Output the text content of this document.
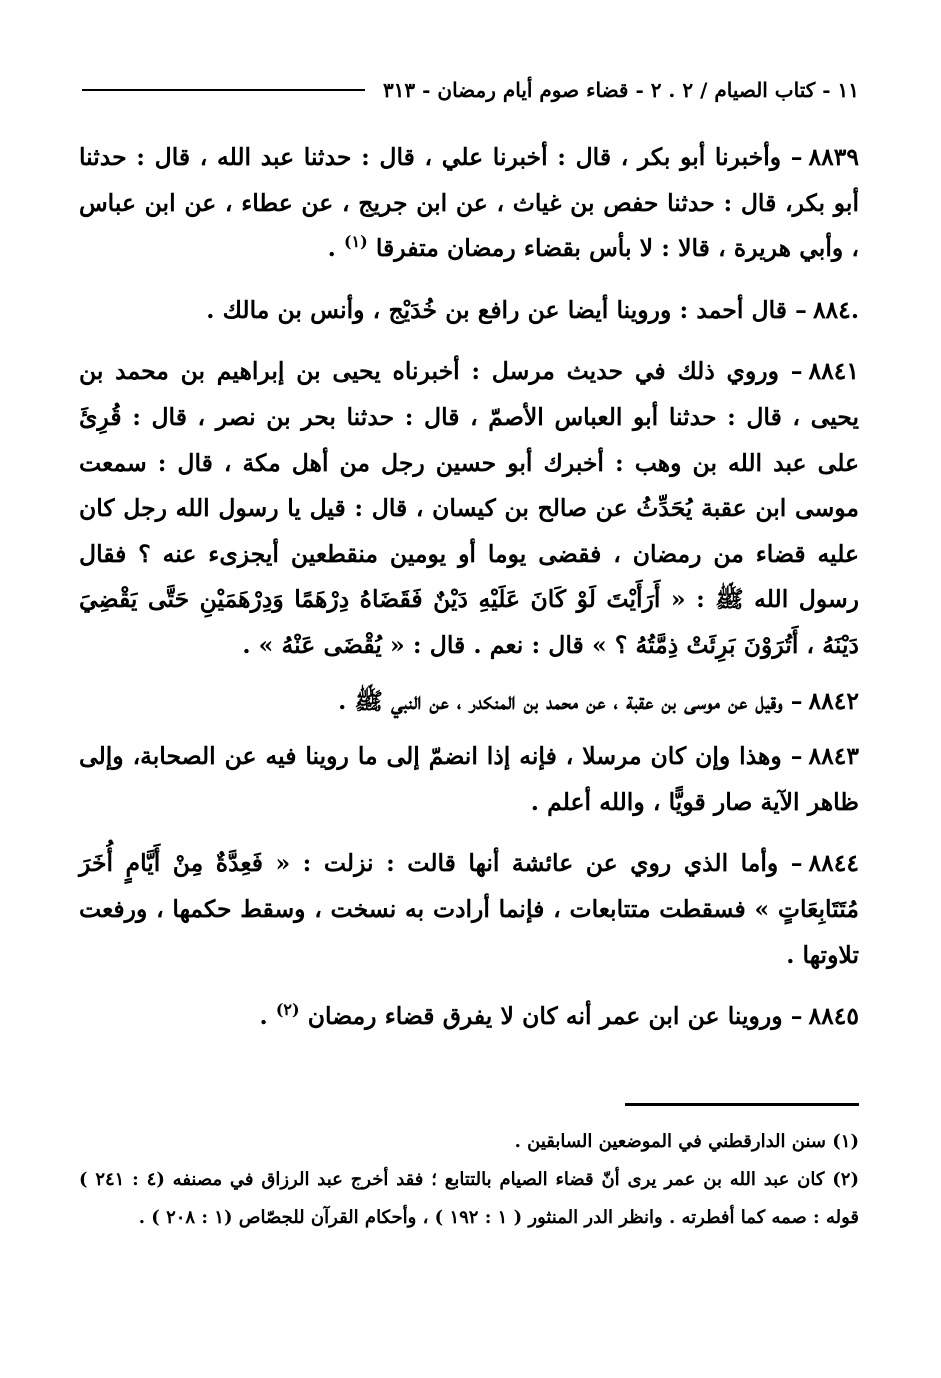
١١ - كتاب الصيام / ٢ . ٢ - قضاء صوم أيام رمضان - ٣١٣

٨٨٣٩– وأخبرنا أبو بكر ، قال : أخبرنا علي ، قال : حدثنا عبد الله ، قال : حدثنا أبو بكر، قال : حدثنا حفص بن غياث ، عن ابن جريج ، عن عطاء ، عن ابن عباس ، وأبي هريرة ، قالا : لا بأس بقضاء رمضان متفرقا $^{(١)}$ .

.٨٨٤– قال أحمد : وروينا أيضا عن رافع بن خُدَيْج ، وأنس بن مالك .

٨٨٤١– وروي ذلك في حديث مرسل : أخبرناه يحيى بن إبراهيم بن محمد بن يحيى ، قال : حدثنا أبو العباس الأصمّ ، قال : حدثنا بحر بن نصر ، قال : قُرِئَ على عبد الله بن وهب : أخبرك أبو حسين رجل من أهل مكة ، قال : سمعت موسى ابن عقبة يُحَدِّثُ عن صالح بن كيسان ، قال : قيل يا رسول الله رجل كان عليه قضاء من رمضان ، فقضى يوما أو يومين منقطعين أيجزىء عنه ؟ فقال رسول الله ﷺ : « أَرَأَيْتَ لَوْ كَانَ عَلَيْهِ دَيْنٌ فَقَضَاهُ دِرْهَمًا وَدِرْهَمَيْنِ حَتَّى يَقْضِيَ دَيْنَهُ ، أَتُرَوْنَ بَرِئَتْ ذِمَّتُهُ ؟ » قال : نعم . قال : « يُقْضَى عَنْهُ » .

٨٨٤٢– وقيل عن موسى بن عقبة ، عن محمد بن المنكدر ، عن النبي ﷺ .

٨٨٤٣– وهذا وإن كان مرسلا ، فإنه إذا انضمّ إلى ما روينا فيه عن الصحابة، وإلى ظاهر الآية صار قويًّا ، والله أعلم .

٨٨٤٤– وأما الذي روي عن عائشة أنها قالت : نزلت : « فَعِدَّةٌ مِنْ أَيَّامٍ أُخَرَ مُتَتَابِعَاتٍ » فسقطت متتابعات ، فإنما أرادت به نسخت ، وسقط حكمها ، ورفعت تلاوتها .

٨٨٤٥– وروينا عن ابن عمر أنه كان لا يفرق قضاء رمضان $^{(٢)}$ .

(١) سنن الدارقطني في الموضعين السابقين .

(٢) كان عبد الله بن عمر يرى أنّ قضاء الصيام بالتتابع ؛ فقد أخرج عبد الرزاق في مصنفه (٤ : ٢٤١ ) قوله : صمه كما أفطرته . وانظر الدر المنثور ( ١ : ١٩٢ ) ، وأحكام القرآن للجصّاص (١ : ٢٠٨ ) .
